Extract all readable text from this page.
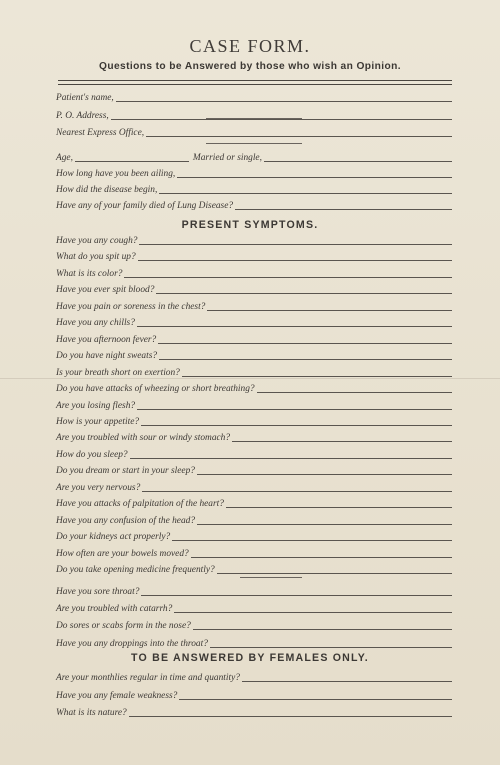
CASE FORM.
Questions to be Answered by those who wish an Opinion.
Patient's name,
P. O. Address,
Nearest Express Office,
Age,	Married or single,
How long have you been ailing,
How did the disease begin,
Have any of your family died of Lung Disease?
PRESENT SYMPTOMS.
Have you any cough?
What do you spit up?
What is its color?
Have you ever spit blood?
Have you pain or soreness in the chest?
Have you any chills?
Have you afternoon fever?
Do you have night sweats?
Is your breath short on exertion?
Do you have attacks of wheezing or short breathing?
Are you losing flesh?
How is your appetite?
Are you troubled with sour or windy stomach?
How do you sleep?
Do you dream or start in your sleep?
Are you very nervous?
Have you attacks of palpitation of the heart?
Have you any confusion of the head?
Do your kidneys act properly?
How often are your bowels moved?
Do you take opening medicine frequently?
Have you sore throat?
Are you troubled with catarrh?
Do sores or scabs form in the nose?
Have you any droppings into the throat?
TO BE ANSWERED BY FEMALES ONLY.
Are your monthlies regular in time and quantity?
Have you any female weakness?
What is its nature?
